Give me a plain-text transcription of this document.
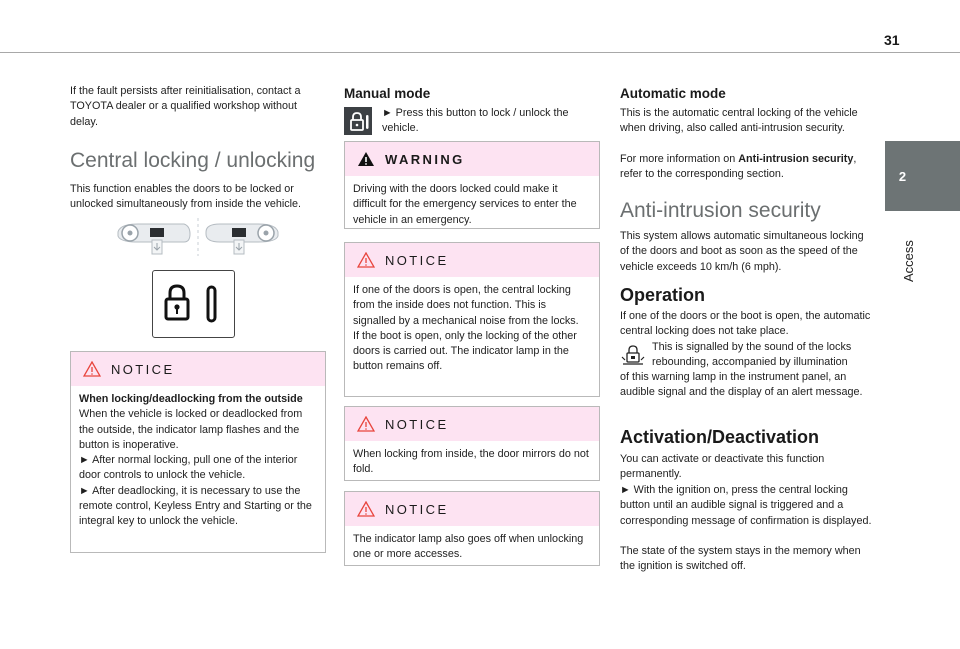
31
2
Access

If the fault persists after reinitialisation, contact a TOYOTA dealer or a qualified workshop without delay.

Central locking / unlocking

This function enables the doors to be locked or unlocked simultaneously from inside the vehicle.

NOTICE

When locking/deadlocking from the outside

When the vehicle is locked or deadlocked from the outside, the indicator lamp flashes and the button is inoperative.

► After normal locking, pull one of the interior door controls to unlock the vehicle.

► After deadlocking, it is necessary to use the remote control, Keyless Entry and Starting or the integral key to unlock the vehicle.

Manual mode

► Press this button to lock / unlock the vehicle.

WARNING

Driving with the doors locked could make it difficult for the emergency services to enter the vehicle in an emergency.

NOTICE

If one of the doors is open, the central locking from the inside does not function. This is signalled by a mechanical noise from the locks.

If the boot is open, only the locking of the other doors is carried out. The indicator lamp in the button remains off.

NOTICE

When locking from inside, the door mirrors do not fold.

NOTICE

The indicator lamp also goes off when unlocking one or more accesses.

Automatic mode

This is the automatic central locking of the vehicle when driving, also called anti-intrusion security.

For more information on Anti-intrusion security, refer to the corresponding section.

Anti-intrusion security

This system allows automatic simultaneous locking of the doors and boot as soon as the speed of the vehicle exceeds 10 km/h (6 mph).

Operation

If one of the doors or the boot is open, the automatic central locking does not take place.

This is signalled by the sound of the locks

rebounding, accompanied by illumination

of this warning lamp in the instrument panel, an audible signal and the display of an alert message.

Activation/Deactivation

You can activate or deactivate this function permanently.

► With the ignition on, press the central locking button until an audible signal is triggered and a corresponding message of confirmation is displayed.

The state of the system stays in the memory when the ignition is switched off.
